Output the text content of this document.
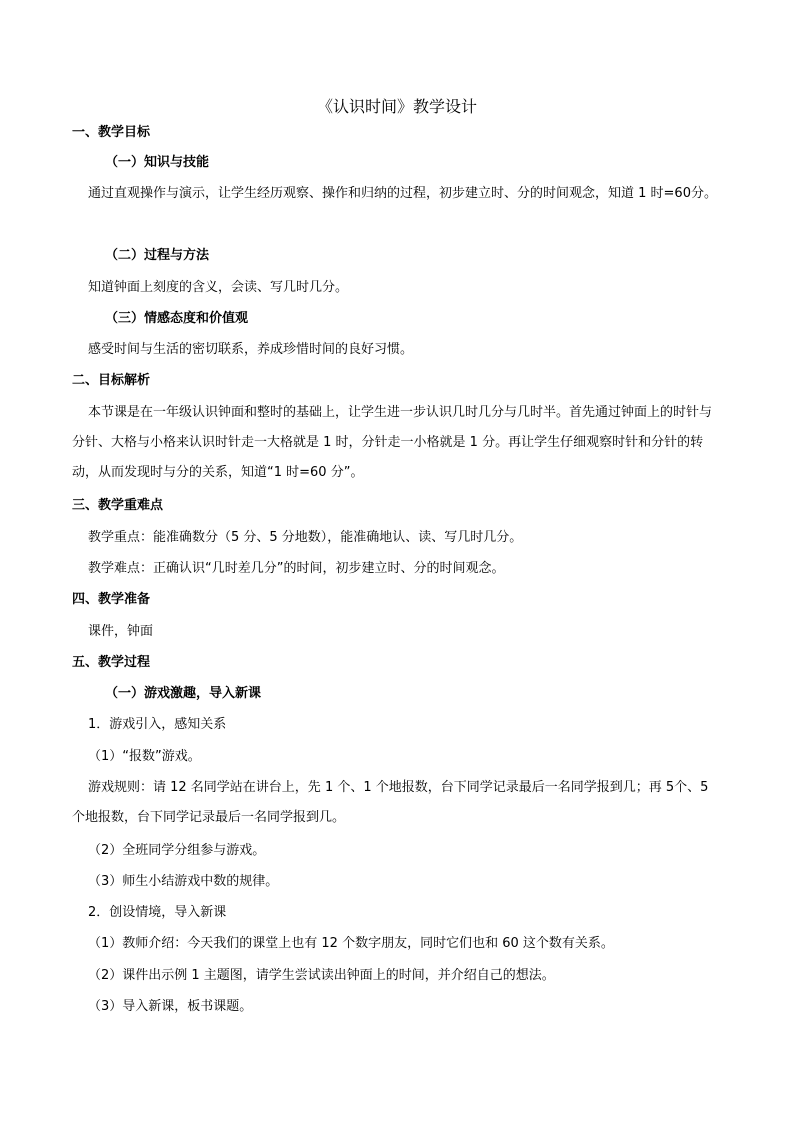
《认识时间》教学设计

一、教学目标

（一）知识与技能

通过直观操作与演示，让学生经历观察、操作和归纳的过程，初步建立时、分的时间观念，知道 1 时=60分。

（二）过程与方法

知道钟面上刻度的含义，会读、写几时几分。

（三）情感态度和价值观

感受时间与生活的密切联系，养成珍惜时间的良好习惯。

二、目标解析

本节课是在一年级认识钟面和整时的基础上，让学生进一步认识几时几分与几时半。首先通过钟面上的时针与分针、大格与小格来认识时针走一大格就是 1 时，分针走一小格就是 1 分。再让学生仔细观察时针和分针的转动，从而发现时与分的关系，知道“1 时=60 分”。

三、教学重难点

教学重点：能准确数分（5 分、5 分地数），能准确地认、读、写几时几分。

教学难点：正确认识“几时差几分”的时间，初步建立时、分的时间观念。

四、教学准备

课件，钟面

五、教学过程

（一）游戏激趣，导入新课

1．游戏引入，感知关系

（1）“报数”游戏。

游戏规则：请 12 名同学站在讲台上，先 1 个、1 个地报数，台下同学记录最后一名同学报到几；再 5个、5 个地报数，台下同学记录最后一名同学报到几。

（2）全班同学分组参与游戏。

（3）师生小结游戏中数的规律。

2．创设情境，导入新课

（1）教师介绍：今天我们的课堂上也有 12 个数字朋友，同时它们也和 60 这个数有关系。

（2）课件出示例 1 主题图，请学生尝试读出钟面上的时间，并介绍自己的想法。

（3）导入新课，板书课题。
